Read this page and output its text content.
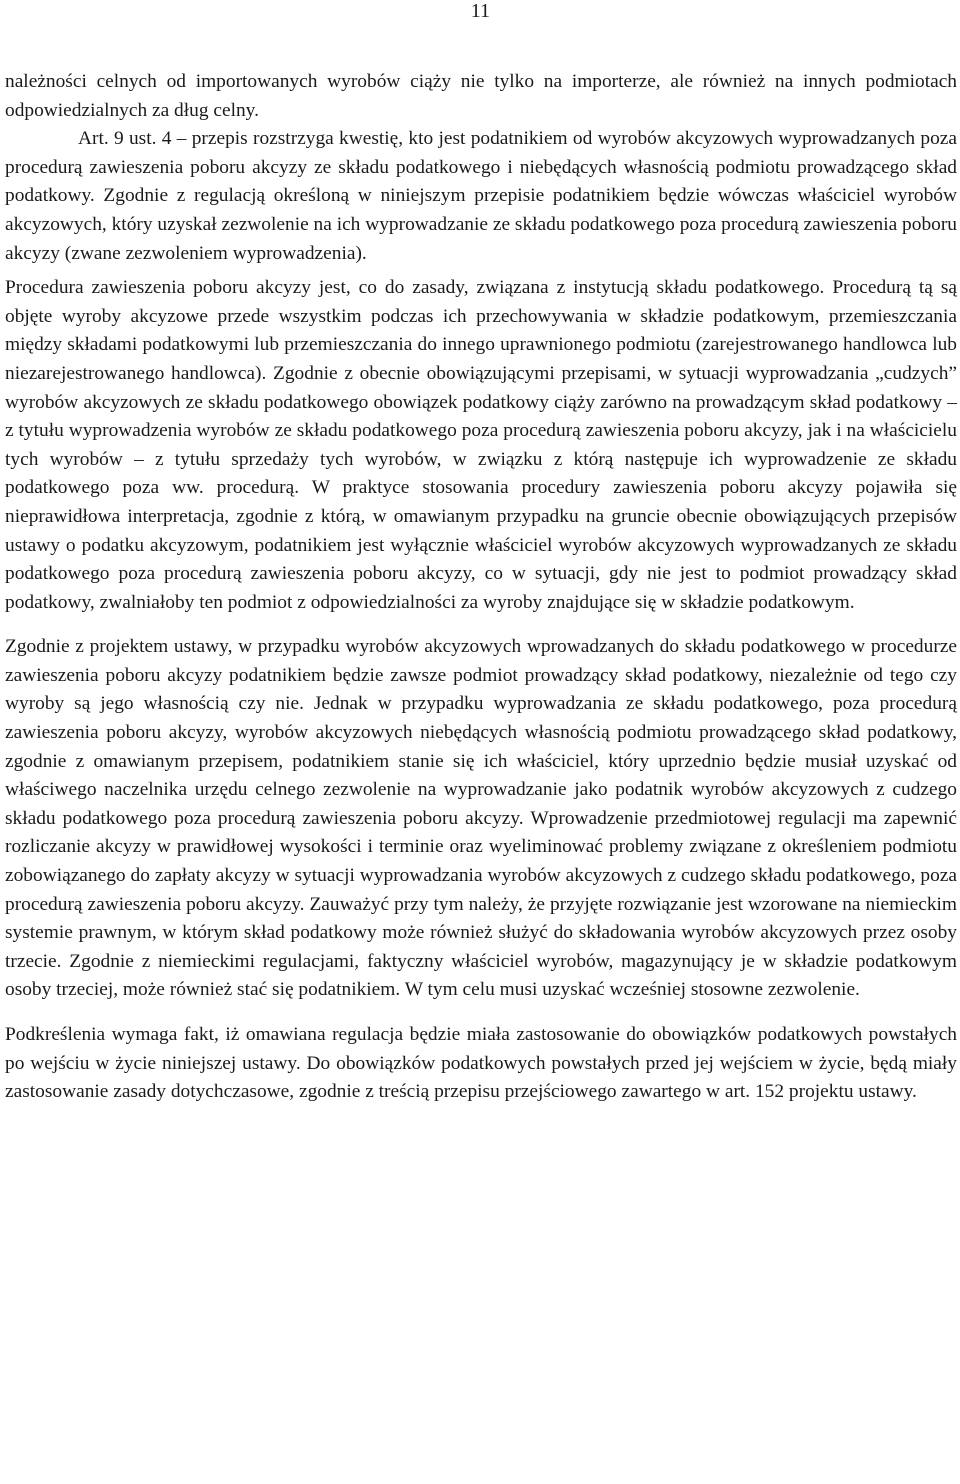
11

należności celnych od importowanych wyrobów ciąży nie tylko na importerze, ale również na innych podmiotach odpowiedzialnych za dług celny.

Art. 9 ust. 4 – przepis rozstrzyga kwestię, kto jest podatnikiem od wyrobów akcyzowych wyprowadzanych poza procedurą zawieszenia poboru akcyzy ze składu podatkowego i niebędących własnością podmiotu prowadzącego skład podatkowy. Zgodnie z regulacją określoną w niniejszym przepisie podatnikiem będzie wówczas właściciel wyrobów akcyzowych, który uzyskał zezwolenie na ich wyprowadzanie ze składu podatkowego poza procedurą zawieszenia poboru akcyzy (zwane zezwoleniem wyprowadzenia).

Procedura zawieszenia poboru akcyzy jest, co do zasady, związana z instytucją składu podatkowego. Procedurą tą są objęte wyroby akcyzowe przede wszystkim podczas ich przechowywania w składzie podatkowym, przemieszczania między składami podatkowymi lub przemieszczania do innego uprawnionego podmiotu (zarejestrowanego handlowca lub niezarejestrowanego handlowca). Zgodnie z obecnie obowiązującymi przepisami, w sytuacji wyprowadzania „cudzych” wyrobów akcyzowych ze składu podatkowego obowiązek podatkowy ciąży zarówno na prowadzącym skład podatkowy – z tytułu wyprowadzenia wyrobów ze składu podatkowego poza procedurą zawieszenia poboru akcyzy, jak i na właścicielu tych wyrobów – z tytułu sprzedaży tych wyrobów, w związku z którą następuje ich wyprowadzenie ze składu podatkowego poza ww. procedurą. W praktyce stosowania procedury zawieszenia poboru akcyzy pojawiła się nieprawidłowa interpretacja, zgodnie z którą, w omawianym przypadku na gruncie obecnie obowiązujących przepisów ustawy o podatku akcyzowym, podatnikiem jest wyłącznie właściciel wyrobów akcyzowych wyprowadzanych ze składu podatkowego poza procedurą zawieszenia poboru akcyzy, co w sytuacji, gdy nie jest to podmiot prowadzący skład podatkowy, zwalniałoby ten podmiot z odpowiedzialności za wyroby znajdujące się w składzie podatkowym.

Zgodnie z projektem ustawy, w przypadku wyrobów akcyzowych wprowadzanych do składu podatkowego w procedurze zawieszenia poboru akcyzy podatnikiem będzie zawsze podmiot prowadzący skład podatkowy, niezależnie od tego czy wyroby są jego własnością czy nie. Jednak w przypadku wyprowadzania ze składu podatkowego, poza procedurą zawieszenia poboru akcyzy, wyrobów akcyzowych niebędących własnością podmiotu prowadzącego skład podatkowy, zgodnie z omawianym przepisem, podatnikiem stanie się ich właściciel, który uprzednio będzie musiał uzyskać od właściwego naczelnika urzędu celnego zezwolenie na wyprowadzanie jako podatnik wyrobów akcyzowych z cudzego składu podatkowego poza procedurą zawieszenia poboru akcyzy. Wprowadzenie przedmiotowej regulacji ma zapewnić rozliczanie akcyzy w prawidłowej wysokości i terminie oraz wyeliminować problemy związane z określeniem podmiotu zobowiązanego do zapłaty akcyzy w sytuacji wyprowadzania wyrobów akcyzowych z cudzego składu podatkowego, poza procedurą zawieszenia poboru akcyzy. Zauważyć przy tym należy, że przyjęte rozwiązanie jest wzorowane na niemieckim systemie prawnym, w którym skład podatkowy może również służyć do składowania wyrobów akcyzowych przez osoby trzecie. Zgodnie z niemieckimi regulacjami, faktyczny właściciel wyrobów, magazynujący je w składzie podatkowym osoby trzeciej, może również stać się podatnikiem. W tym celu musi uzyskać wcześniej stosowne zezwolenie.

Podkreślenia wymaga fakt, iż omawiana regulacja będzie miała zastosowanie do obowiązków podatkowych powstałych po wejściu w życie niniejszej ustawy. Do obowiązków podatkowych powstałych przed jej wejściem w życie, będą miały zastosowanie zasady dotychczasowe, zgodnie z treścią przepisu przejściowego zawartego w art. 152 projektu ustawy.
